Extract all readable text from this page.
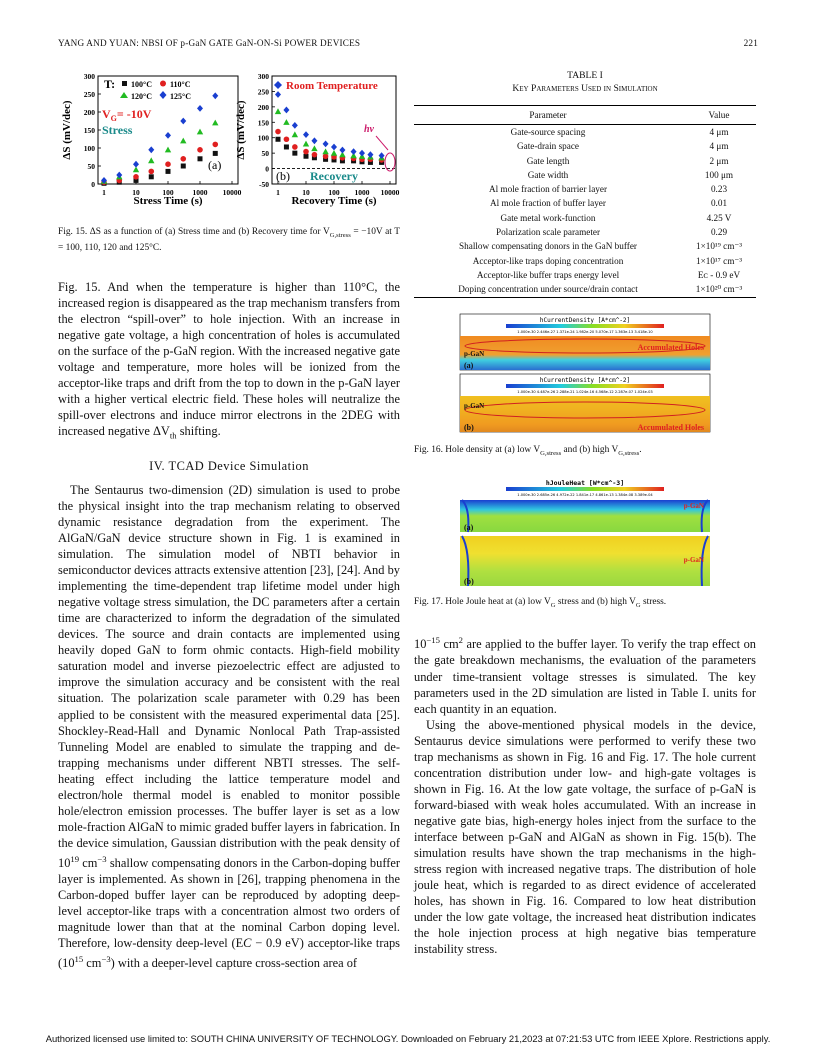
YANG AND YUAN: NBSI OF p-GaN GATE GaN-ON-Si POWER DEVICES	221
0
50
100
150
200
250
300
1	10	100	1000 10000
ΔS (mV/dec)
Stress Time (s)
T: 100°C 110°C
120°C 125°C
$V_G= -10V$
Stress
(a)
-50
0
50
100
150
200
250
300
1	10 100 1000 10000
ΔS (mV/dec)
Recovery Time (s)
Room Temperature
Recovery
(b)
hν
Fig. 15. ΔS as a function of (a) Stress time and (b) Recovery time for $V_{G,stress} = -10V$ at T = 100, 110, 120 and 125°C.

Fig. 15. And when the temperature is higher than 110°C, the increased region is disappeared as the trap mechanism transfers from the electron “spill-over” to hole injection. With an increase in negative gate voltage, a high concentration of holes is accumulated on the surface of the p-GaN region. With the increased negative gate voltage and temperature, more holes will be ionized from the acceptor-like traps and drift from the top to down in the p-GaN layer with a higher vertical electric field. These holes will neutralize the spill-over electrons and induce mirror electrons in the 2DEG with increased negative $\Delta V_{th}$ shifting.

IV. TCAD Device Simulation

The Sentaurus two-dimension (2D) simulation is used to probe the physical insight into the trap mechanism relating to observed dynamic resistance degradation from the experiment. The AlGaN/GaN device structure shown in Fig. 1 is examined in simulation. The simulation model of NBTI behavior in semiconductor devices attracts extensive attention [23], [24]. And by implementing the time-dependent trap lifetime model under high negative voltage stress simulation, the DC parameters after a certain time are characterized to inform the degradation of the simulated devices. The source and drain contacts are implemented using heavily doped GaN to form ohmic contacts. High-field mobility saturation model and inverse piezoelectric effect are adjusted to improve the simulation accuracy and be consistent with the real situation. The polarization scale parameter with 0.29 has been applied to be consistent with the measured experimental data [25]. Shockley-Read-Hall and Dynamic Nonlocal Path Trap-assisted Tunneling Model are enabled to simulate the trapping and de-trapping mechanisms under different NBTI stresses. The self-heating effect including the lattice temperature model and electron/hole thermal model is enabled to monitor possible hole/electron emission processes. The buffer layer is set as a low mole-fraction AlGaN to mimic graded buffer layers in fabrication. In the device simulation, Gaussian distribution with the peak density of $10^{19}$ $cm^{-3}$ shallow compensating donors in the Carbon-doping buffer layer is implemented. As shown in [26], trapping phenomena in the Carbon-doped buffer layer can be reproduced by adopting deep-level acceptor-like traps with a concentration almost two orders of magnitude lower than that at the nominal Carbon doping level. Therefore, low-density deep-level (EC − 0.9 eV) acceptor-like traps ($10^{15}$ $cm^{-3}$) with a deeper-level capture cross-section area of

TABLE I
Key Parameters Used in Simulation
Parameter	Value
Gate-source spacing	4 μm
Gate-drain space	4 μm
Gate length	2 μm
Gate width	100 μm
Al mole fraction of barrier layer	0.23
Al mole fraction of buffer layer	0.01
Gate metal work-function	4.25 V
Polarization scale parameter	0.29
Shallow compensating donors in the GaN buffer	1×10¹⁹ cm⁻³
Acceptor-like traps doping concentration	1×10¹⁷ cm⁻³
Acceptor-like buffer traps energy level	Eᴄ - 0.9 eV
Doping concentration under source/drain contact	1×10²⁰ cm⁻³
hCurrentDensity [A*cm^-2]
1.000e-30 2.446e-27 1.371e-24 1.982e-20 5.070e-17 1.363e-13 3.418e-10
p-GaN
Accumulated Holes
(a)
hCurrentDensity [A*cm^-2]
1.000e-30 4.487e-26 2.288e-21 1.024e-16 4.568e-12 2.287e-07 1.024e-03
p-GaN
Accumulated Holes
(b)
Fig. 16. Hole density at (a) low $V_{G,stress}$ and (b) high $V_{G,stress}$.
hJouleHeat [W*cm^-3]
1.000e-30 2.685e-26 4.972e-22 1.841e-17 4.861e-13 1.384e-08 3.389e-04
p-GaN
(a)
p-GaN
(b)
Fig. 17. Hole Joule heat at (a) low $V_G$ stress and (b) high $V_G$ stress.

$10^{-15}$ $cm^2$ are applied to the buffer layer. To verify the trap effect on the gate breakdown mechanisms, the evaluation of the parameters under time-transient voltage stresses is simulated. The key parameters used in the 2D simulation are listed in Table I. units for each quantity in an equation.

Using the above-mentioned physical models in the device, Sentaurus device simulations were performed to verify these two trap mechanisms as shown in Fig. 16 and Fig. 17. The hole current concentration distribution under low- and high-gate voltages is shown in Fig. 16. At the low gate voltage, the surface of p-GaN is forward-biased with weak holes accumulated. With an increase in negative gate bias, high-energy holes inject from the surface to the interface between p-GaN and AlGaN as shown in Fig. 15(b). The simulation results have shown the trap mechanisms in the high-stress region with increased negative traps. The distribution of hole joule heat, which is regarded to as direct evidence of accelerated holes, has shown in Fig. 16. Compared to low heat distribution under the low gate voltage, the increased heat distribution indicates the hole injection process at high negative bias temperature instability stress.

Authorized licensed use limited to: SOUTH CHINA UNIVERSITY OF TECHNOLOGY. Downloaded on February 21,2023 at 07:21:53 UTC from IEEE Xplore. Restrictions apply.
